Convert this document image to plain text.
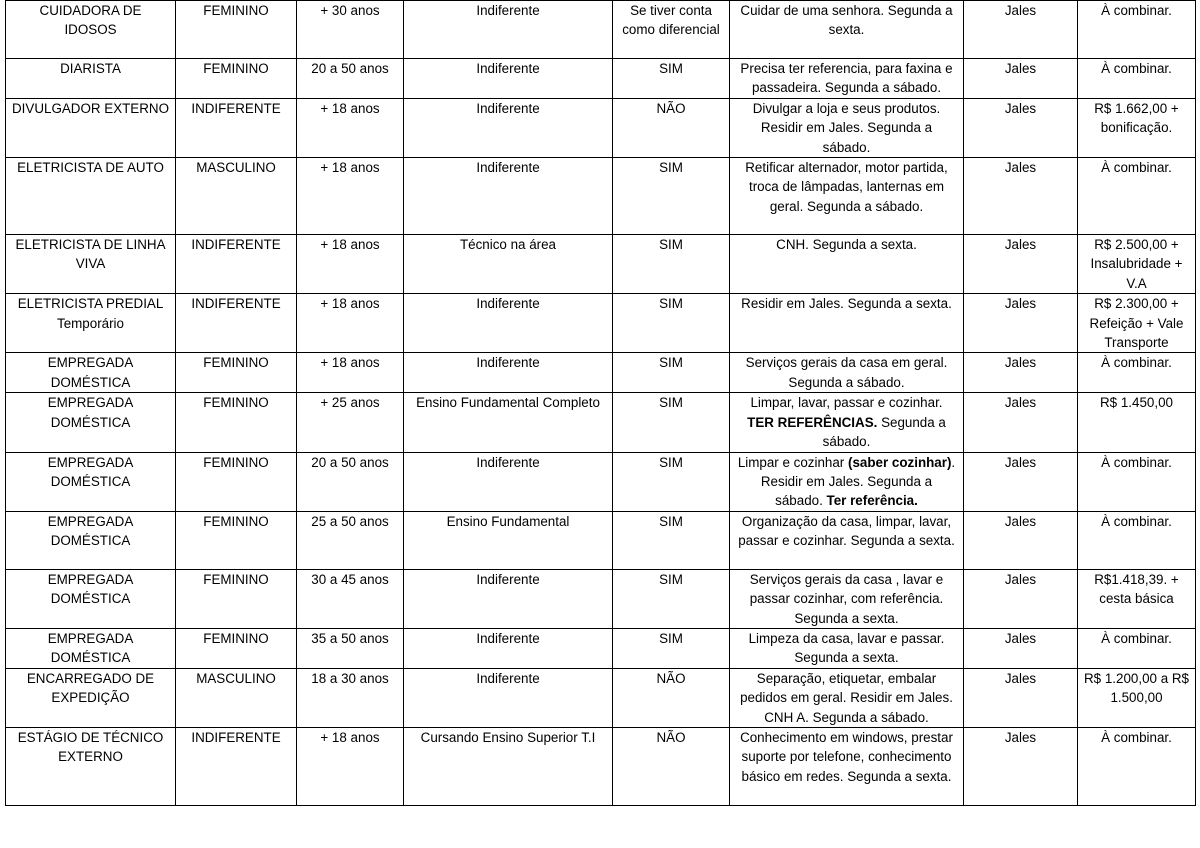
CUIDADORA DE IDOSOS	FEMININO	+ 30 anos	Indiferente	Se tiver conta como diferencial	Cuidar de uma senhora. Segunda a sexta.	Jales	À combinar.
DIARISTA	FEMININO	20 a 50 anos	Indiferente	SIM	Precisa ter referencia, para faxina e passadeira. Segunda a sábado.	Jales	À combinar.
DIVULGADOR EXTERNO	INDIFERENTE	+ 18 anos	Indiferente	NÃO	Divulgar a loja e seus produtos. Residir em Jales. Segunda a sábado.	Jales	R$ 1.662,00 + bonificação.
ELETRICISTA DE AUTO	MASCULINO	+ 18 anos	Indiferente	SIM	Retificar alternador, motor partida, troca de lâmpadas, lanternas em geral. Segunda a sábado.	Jales	À combinar.
ELETRICISTA DE LINHA VIVA	INDIFERENTE	+ 18 anos	Técnico na área	SIM	CNH. Segunda a sexta.	Jales	R$ 2.500,00 + Insalubridade + V.A
ELETRICISTA PREDIAL Temporário	INDIFERENTE	+ 18 anos	Indiferente	SIM	Residir em Jales. Segunda a sexta.	Jales	R$ 2.300,00 + Refeição + Vale Transporte
EMPREGADA DOMÉSTICA	FEMININO	+ 18 anos	Indiferente	SIM	Serviços gerais da casa em geral. Segunda a sábado.	Jales	À combinar.
EMPREGADA DOMÉSTICA	FEMININO	+ 25 anos	Ensino Fundamental Completo	SIM	Limpar, lavar, passar e cozinhar. TER REFERÊNCIAS. Segunda a sábado.	Jales	R$ 1.450,00
EMPREGADA DOMÉSTICA	FEMININO	20 a 50 anos	Indiferente	SIM	Limpar e cozinhar (saber cozinhar). Residir em Jales. Segunda a sábado. Ter referência.	Jales	À combinar.
EMPREGADA DOMÉSTICA	FEMININO	25 a 50 anos	Ensino Fundamental	SIM	Organização da casa, limpar, lavar, passar e cozinhar. Segunda a sexta.	Jales	À combinar.
EMPREGADA DOMÉSTICA	FEMININO	30 a 45 anos	Indiferente	SIM	Serviços gerais da casa , lavar e passar cozinhar, com referência. Segunda a sexta.	Jales	R$1.418,39. + cesta básica
EMPREGADA DOMÉSTICA	FEMININO	35 a 50 anos	Indiferente	SIM	Limpeza da casa, lavar e passar. Segunda a sexta.	Jales	À combinar.
ENCARREGADO DE EXPEDIÇÃO	MASCULINO	18 a 30 anos	Indiferente	NÃO	Separação, etiquetar, embalar pedidos em geral. Residir em Jales. CNH A. Segunda a sábado.	Jales	R$ 1.200,00 a R$ 1.500,00
ESTÁGIO DE TÉCNICO EXTERNO	INDIFERENTE	+ 18 anos	Cursando Ensino Superior T.I	NÃO	Conhecimento em windows, prestar suporte por telefone, conhecimento básico em redes. Segunda a sexta.	Jales	À combinar.
